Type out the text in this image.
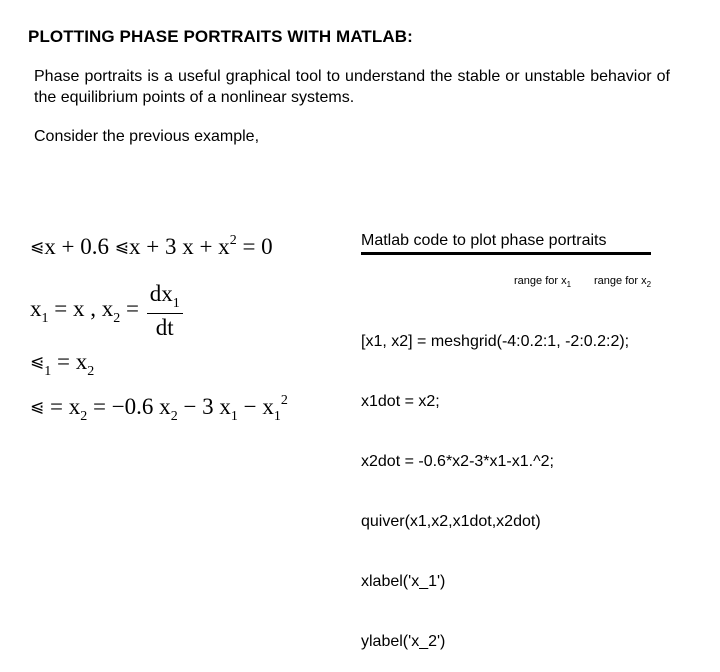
PLOTTING PHASE PORTRAITS WITH MATLAB:
Phase portraits is a useful graphical tool to understand the stable or unstable behavior of the equilibrium points of a nonlinear systems.
Consider the previous example,
⩿x + 0.6 ⩿x + 3 $x + x^2 = 0$
$x_1 = x$ , $x_2 = \frac{dx_1}{dt}$
$⩿_1 = x_2$
⩿ = $x_2 = -0.6$ $x_2 - 3$ $x_1 - x_1^2$
Matlab code to plot phase portraits
range for $x_1$ range for $x_2$

[x1, x2] = meshgrid(-4:0.2:1, -2:0.2:2);

x1dot = x2;

x2dot = -0.6*x2-3*x1-x1.^2;

quiver(x1,x2,x1dot,x2dot)

xlabel('x_1')

ylabel('x_2')
